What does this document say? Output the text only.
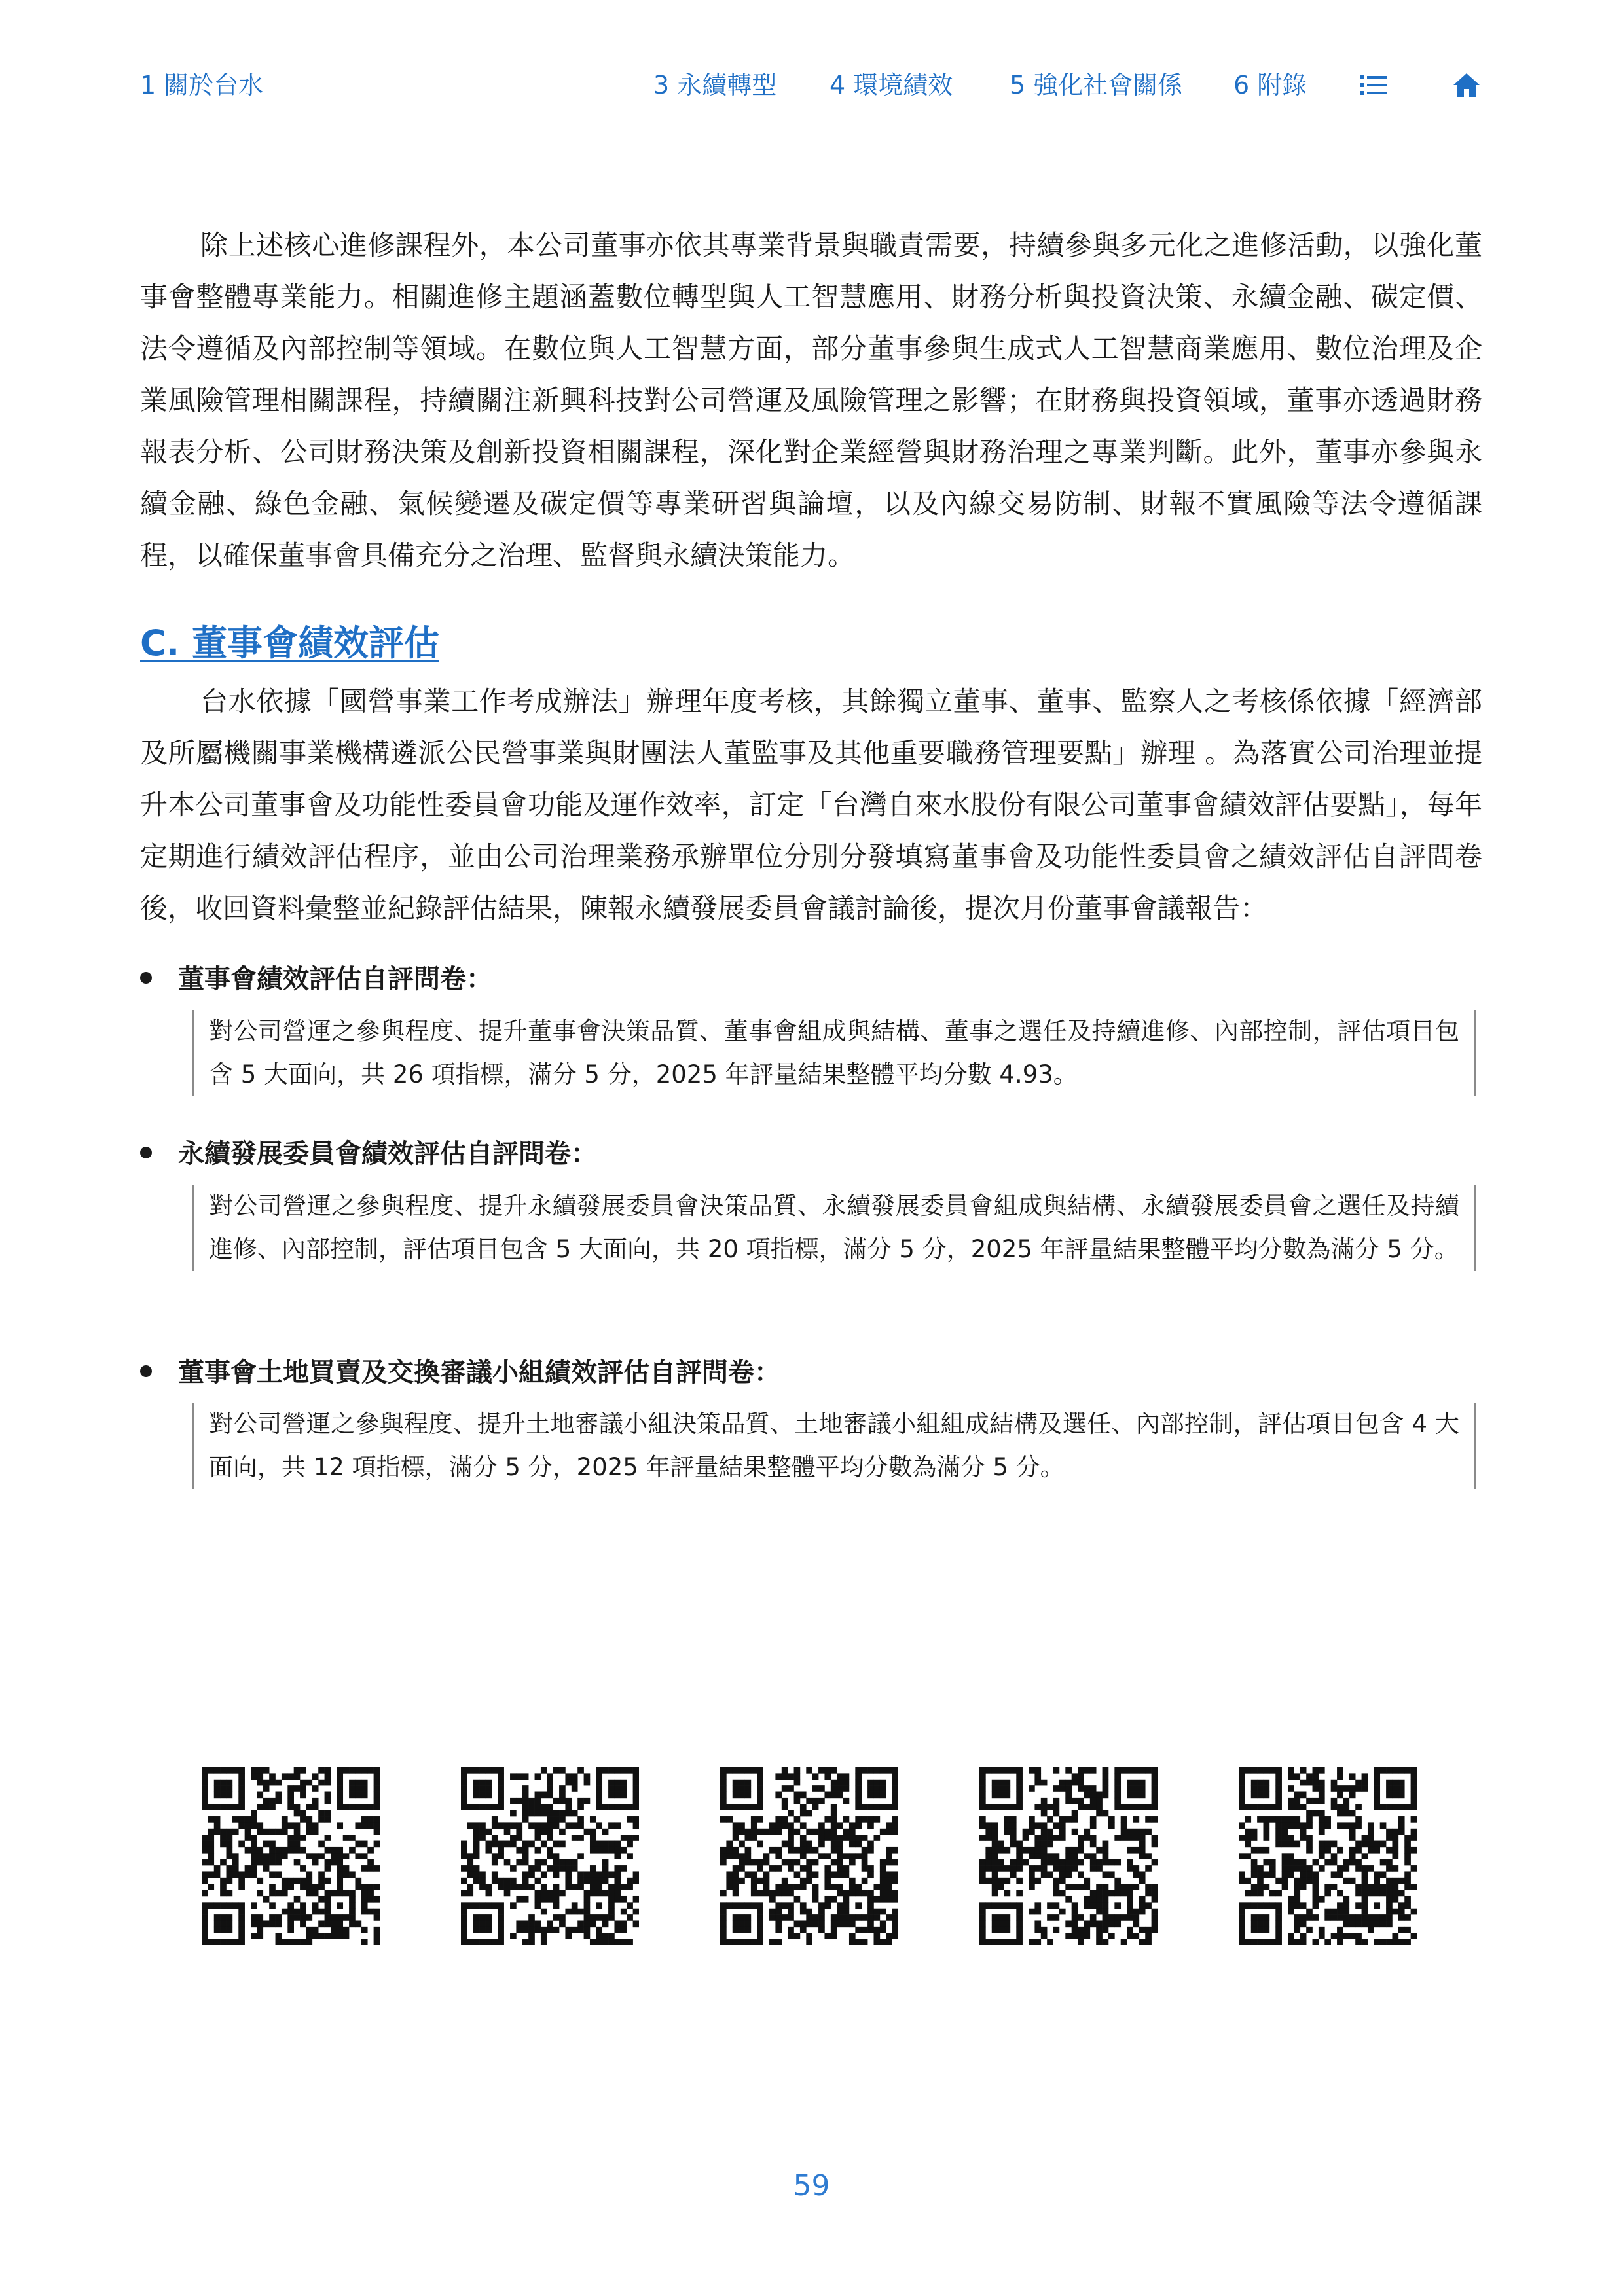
1 關於台水	3 永續轉型 4 環境績效 5 強化社會關係 6 附錄

除上述核心進修課程外，本公司董事亦依其專業背景與職責需要，持續參與多元化之進修活動，以強化董事會整體專業能力。相關進修主題涵蓋數位轉型與人工智慧應用、財務分析與投資決策、永續金融、碳定價、法令遵循及內部控制等領域。在數位與人工智慧方面，部分董事參與生成式人工智慧商業應用、數位治理及企業風險管理相關課程，持續關注新興科技對公司營運及風險管理之影響；在財務與投資領域，董事亦透過財務報表分析、公司財務決策及創新投資相關課程，深化對企業經營與財務治理之專業判斷。此外，董事亦參與永續金融、綠色金融、氣候變遷及碳定價等專業研習與論壇，以及內線交易防制、財報不實風險等法令遵循課程，以確保董事會具備充分之治理、監督與永續決策能力。

C. 董事會績效評估

台水依據「國營事業工作考成辦法」辦理年度考核，其餘獨立董事、董事、監察人之考核係依據「經濟部及所屬機關事業機構遴派公民營事業與財團法人董監事及其他重要職務管理要點」辦理 。為落實公司治理並提升本公司董事會及功能性委員會功能及運作效率，訂定「台灣自來水股份有限公司董事會績效評估要點」，每年定期進行績效評估程序，並由公司治理業務承辦單位分別分發填寫董事會及功能性委員會之績效評估自評問卷後，收回資料彙整並紀錄評估結果，陳報永續發展委員會議討論後，提次月份董事會議報告：

董事會績效評估自評問卷：
對公司營運之參與程度、提升董事會決策品質、董事會組成與結構、董事之選任及持續進修、內部控制，評估項目包含 5 大面向，共 26 項指標，滿分 5 分，2025 年評量結果整體平均分數 4.93。
永續發展委員會績效評估自評問卷：
對公司營運之參與程度、提升永續發展委員會決策品質、永續發展委員會組成與結構、永續發展委員會之選任及持續進修、內部控制，評估項目包含 5 大面向，共 20 項指標，滿分 5 分，2025 年評量結果整體平均分數為滿分 5 分。
董事會土地買賣及交換審議小組績效評估自評問卷：
對公司營運之參與程度、提升土地審議小組決策品質、土地審議小組組成結構及選任、內部控制，評估項目包含 4 大面向，共 12 項指標，滿分 5 分，2025 年評量結果整體平均分數為滿分 5 分。
59
